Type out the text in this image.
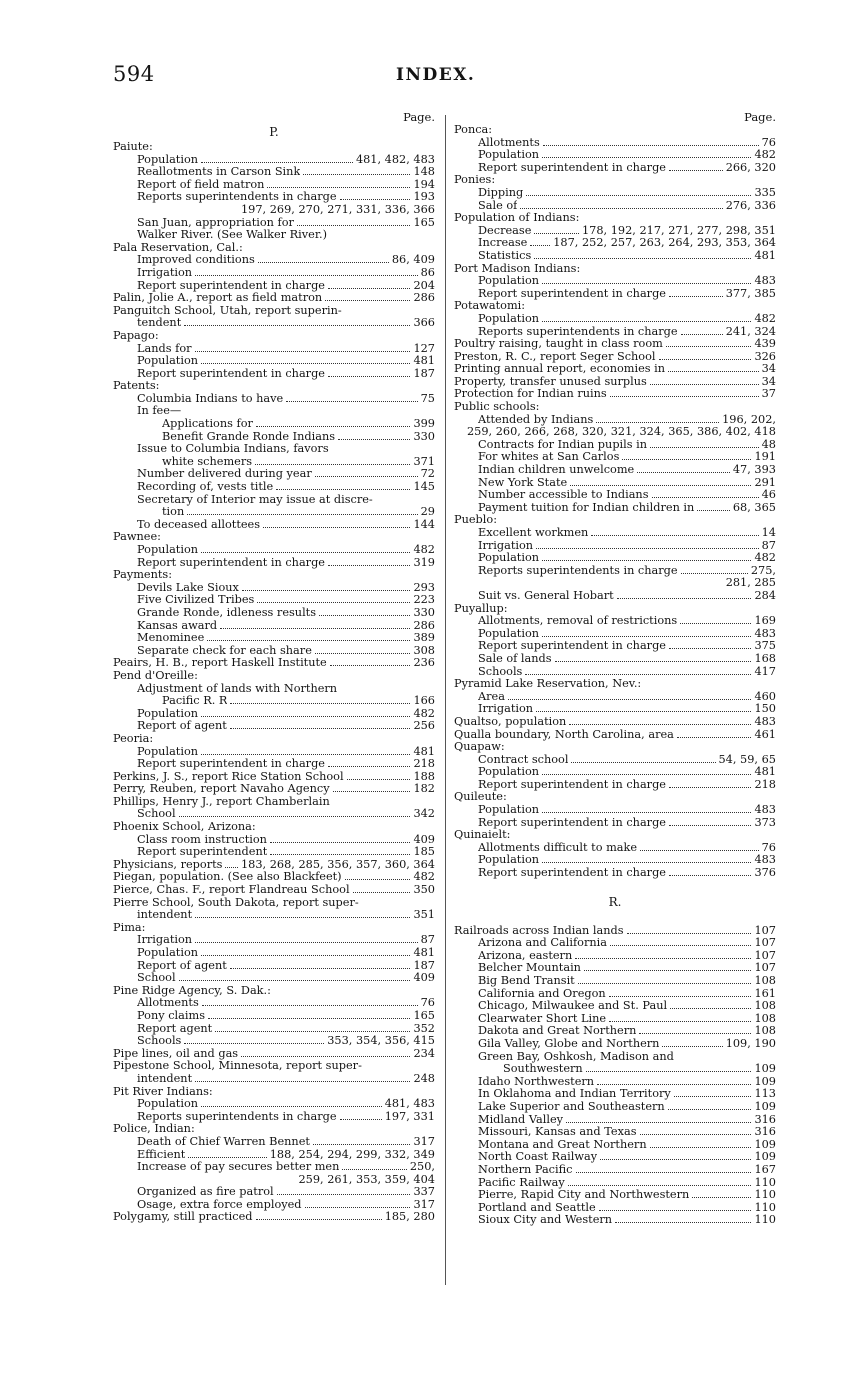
594	INDEX.
Page.
P.
Paiute:
Population	481, 482, 483
Reallotments in Carson Sink	148
Report of field matron	194
Reports superintendents in charge	193
197, 269, 270, 271, 331, 336, 366
San Juan, appropriation for	165
Walker River. (See Walker River.)
Pala Reservation, Cal.:
Improved conditions	86, 409
Irrigation	86
Report superintendent in charge	204
Palin, Jolie A., report as field matron	286
Panguitch School, Utah, report superin-
tendent	366
Papago:
Lands for	127
Population	481
Report superintendent in charge	187
Patents:
Columbia Indians to have	75
In fee—
Applications for	399
Benefit Grande Ronde Indians	330
Issue to Columbia Indians, favors
white schemers	371
Number delivered during year	72
Recording of, vests title	145
Secretary of Interior may issue at discre-
tion	29
To deceased allottees	144
Pawnee:
Population	482
Report superintendent in charge	319
Payments:
Devils Lake Sioux	293
Five Civilized Tribes	223
Grande Ronde, idleness results	330
Kansas award	286
Menominee	389
Separate check for each share	308
Peairs, H. B., report Haskell Institute	236
Pend d'Oreille:
Adjustment of lands with Northern
Pacific R. R	166
Population	482
Report of agent	256
Peoria:
Population	481
Report superintendent in charge	218
Perkins, J. S., report Rice Station School	188
Perry, Reuben, report Navaho Agency	182
Phillips, Henry J., report Chamberlain
School	342
Phoenix School, Arizona:
Class room instruction	409
Report superintendent	185
Physicians, reports 183, 268, 285, 356, 357, 360, 364
Piegan, population. (See also Blackfeet)	482
Pierce, Chas. F., report Flandreau School	350
Pierre School, South Dakota, report super-
intendent	351
Pima:
Irrigation	87
Population	481
Report of agent	187
School	409
Pine Ridge Agency, S. Dak.:
Allotments	76
Pony claims	165
Report agent	352
Schools	353, 354, 356, 415
Pipe lines, oil and gas	234
Pipestone School, Minnesota, report super-
intendent	248
Pit River Indians:
Population	481, 483
Reports superintendents in charge	197, 331
Police, Indian:
Death of Chief Warren Bennet	317
Efficient	188, 254, 294, 299, 332, 349
Increase of pay secures better men	250,
259, 261, 353, 359, 404
Organized as fire patrol	337
Osage, extra force employed	317
Polygamy, still practiced	185, 280
Page.
Ponca:
Allotments	76
Population	482
Report superintendent in charge	266, 320
Ponies:
Dipping	335
Sale of	276, 336
Population of Indians:
Decrease	178, 192, 217, 271, 277, 298, 351
Increase 187, 252, 257, 263, 264, 293, 353, 364
Statistics	481
Port Madison Indians:
Population	483
Report superintendent in charge	377, 385
Potawatomi:
Population	482
Reports superintendents in charge	241, 324
Poultry raising, taught in class room	439
Preston, R. C., report Seger School	326
Printing annual report, economies in	34
Property, transfer unused surplus	34
Protection for Indian ruins	37
Public schools:
Attended by Indians	196, 202,
259, 260, 266, 268, 320, 321, 324, 365, 386, 402, 418
Contracts for Indian pupils in	48
For whites at San Carlos	191
Indian children unwelcome	47, 393
New York State	291
Number accessible to Indians	46
Payment tuition for Indian children in	68, 365
Pueblo:
Excellent workmen	14
Irrigation	87
Population	482
Reports superintendents in charge	275,
281, 285
Suit vs. General Hobart	284
Puyallup:
Allotments, removal of restrictions	169
Population	483
Report superintendent in charge	375
Sale of lands	168
Schools	417
Pyramid Lake Reservation, Nev.:
Area	460
Irrigation	150
Qualtso, population	483
Qualla boundary, North Carolina, area	461
Quapaw:
Contract school	54, 59, 65
Population	481
Report superintendent in charge	218
Quileute:
Population	483
Report superintendent in charge	373
Quinaielt:
Allotments difficult to make	76
Population	483
Report superintendent in charge	376
R.
Railroads across Indian lands	107
Arizona and California	107
Arizona, eastern	107
Belcher Mountain	107
Big Bend Transit	108
California and Oregon	161
Chicago, Milwaukee and St. Paul	108
Clearwater Short Line	108
Dakota and Great Northern	108
Gila Valley, Globe and Northern	109, 190
Green Bay, Oshkosh, Madison and
Southwestern	109
Idaho Northwestern	109
In Oklahoma and Indian Territory	113
Lake Superior and Southeastern	109
Midland Valley	316
Missouri, Kansas and Texas	316
Montana and Great Northern	109
North Coast Railway	109
Northern Pacific	167
Pacific Railway	110
Pierre, Rapid City and Northwestern	110
Portland and Seattle	110
Sioux City and Western	110
